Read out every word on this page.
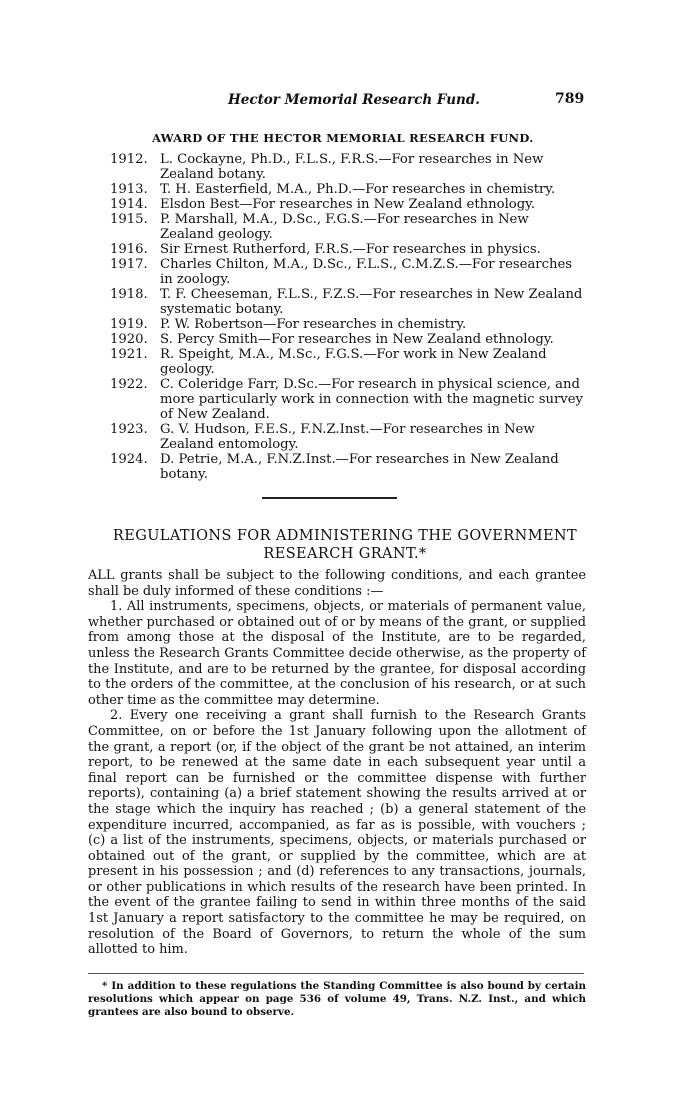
Hector Memorial Research Fund.	789
AWARD OF THE HECTOR MEMORIAL RESEARCH FUND.
1912. L. Cockayne, Ph.D., F.L.S., F.R.S.—For researches in New Zealand botany.
1913. T. H. Easterfield, M.A., Ph.D.—For researches in chemistry.
1914. Elsdon Best—For researches in New Zealand ethnology.
1915. P. Marshall, M.A., D.Sc., F.G.S.—For researches in New Zealand geology.
1916. Sir Ernest Rutherford, F.R.S.—For researches in physics.
1917. Charles Chilton, M.A., D.Sc., F.L.S., C.M.Z.S.—For researches in zoology.
1918. T. F. Cheeseman, F.L.S., F.Z.S.—For researches in New Zealand systematic botany.
1919. P. W. Robertson—For researches in chemistry.
1920. S. Percy Smith—For researches in New Zealand ethnology.
1921. R. Speight, M.A., M.Sc., F.G.S.—For work in New Zealand geology.
1922. C. Coleridge Farr, D.Sc.—For research in physical science, and more particularly work in connection with the magnetic survey of New Zealand.
1923. G. V. Hudson, F.E.S., F.N.Z.Inst.—For researches in New Zealand entomology.
1924. D. Petrie, M.A., F.N.Z.Inst.—For researches in New Zealand botany.
REGULATIONS FOR ADMINISTERING THE GOVERNMENT
RESEARCH GRANT.*

ALL grants shall be subject to the following conditions, and each grantee shall be duly informed of these conditions :—

1. All instruments, specimens, objects, or materials of permanent value, whether purchased or obtained out of or by means of the grant, or supplied from among those at the disposal of the Institute, are to be regarded, unless the Research Grants Committee decide otherwise, as the property of the Institute, and are to be returned by the grantee, for disposal according to the orders of the committee, at the conclusion of his research, or at such other time as the committee may determine.

2. Every one receiving a grant shall furnish to the Research Grants Committee, on or before the 1st January following upon the allotment of the grant, a report (or, if the object of the grant be not attained, an interim report, to be renewed at the same date in each subsequent year until a final report can be furnished or the committee dispense with further reports), containing (a) a brief statement showing the results arrived at or the stage which the inquiry has reached ; (b) a general statement of the expenditure incurred, accompanied, as far as is possible, with vouchers ; (c) a list of the instruments, specimens, objects, or materials purchased or obtained out of the grant, or supplied by the committee, which are at present in his possession ; and (d) references to any transactions, journals, or other publications in which results of the research have been printed. In the event of the grantee failing to send in within three months of the said 1st January a report satisfactory to the committee he may be required, on resolution of the Board of Governors, to return the whole of the sum allotted to him.

* In addition to these regulations the Standing Committee is also bound by certain resolutions which appear on page 536 of volume 49, Trans. N.Z. Inst., and which grantees are also bound to observe.
